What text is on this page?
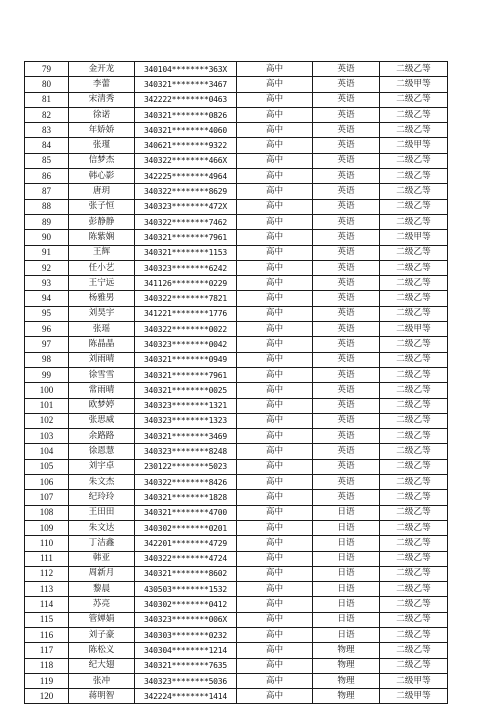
79	金开龙	340104********363X	高中	英语	二级乙等
80	李蕾	340321********3467	高中	英语	二级甲等
81	宋清秀	342222********0463	高中	英语	二级乙等
82	徐诺	340321********0826	高中	英语	二级乙等
83	年娇娇	340321********4060	高中	英语	二级乙等
84	张瑾	340621********9322	高中	英语	二级甲等
85	信梦杰	340322********466X	高中	英语	二级乙等
86	韩心影	342225********4964	高中	英语	二级乙等
87	唐玥	340322********8629	高中	英语	二级乙等
88	张子恒	340323********472X	高中	英语	二级乙等
89	彭静静	340322********7462	高中	英语	二级乙等
90	陈紫娴	340321********7961	高中	英语	二级甲等
91	王辉	340321********1153	高中	英语	二级乙等
92	任小艺	340323********6242	高中	英语	二级乙等
93	王宁远	341126********0229	高中	英语	二级乙等
94	杨雅男	340322********7821	高中	英语	二级乙等
95	刘昊宇	341221********1776	高中	英语	二级乙等
96	张瑶	340322********0022	高中	英语	二级甲等
97	陈晶晶	340323********0042	高中	英语	二级乙等
98	刘雨晴	340321********0949	高中	英语	二级乙等
99	徐雪雪	340321********7961	高中	英语	二级乙等
100	常雨晴	340321********0025	高中	英语	二级乙等
101	欧梦婷	340323********1321	高中	英语	二级乙等
102	张思威	340323********1323	高中	英语	二级乙等
103	余路路	340321********3469	高中	英语	二级乙等
104	徐恩慧	340323********8248	高中	英语	二级乙等
105	刘宇卓	230122********5023	高中	英语	二级乙等
106	朱文杰	340322********8426	高中	英语	二级乙等
107	纪玲玲	340321********1828	高中	英语	二级乙等
108	王田田	340321********4700	高中	日语	二级乙等
109	朱文达	340302********0201	高中	日语	二级乙等
110	丁洁鑫	342201********4729	高中	日语	二级乙等
111	韩亚	340322********4724	高中	日语	二级乙等
112	周新月	340321********8602	高中	日语	二级乙等
113	黎晨	430503********1532	高中	日语	二级乙等
114	苏亮	340302********0412	高中	日语	二级乙等
115	管婵娟	340323********006X	高中	日语	二级乙等
116	刘子豪	340303********0232	高中	日语	二级乙等
117	陈松义	340304********1214	高中	物理	二级乙等
118	纪大翅	340321********7635	高中	物理	二级乙等
119	张冲	340323********5036	高中	物理	二级甲等
120	蒋明智	342224********1414	高中	物理	二级甲等
